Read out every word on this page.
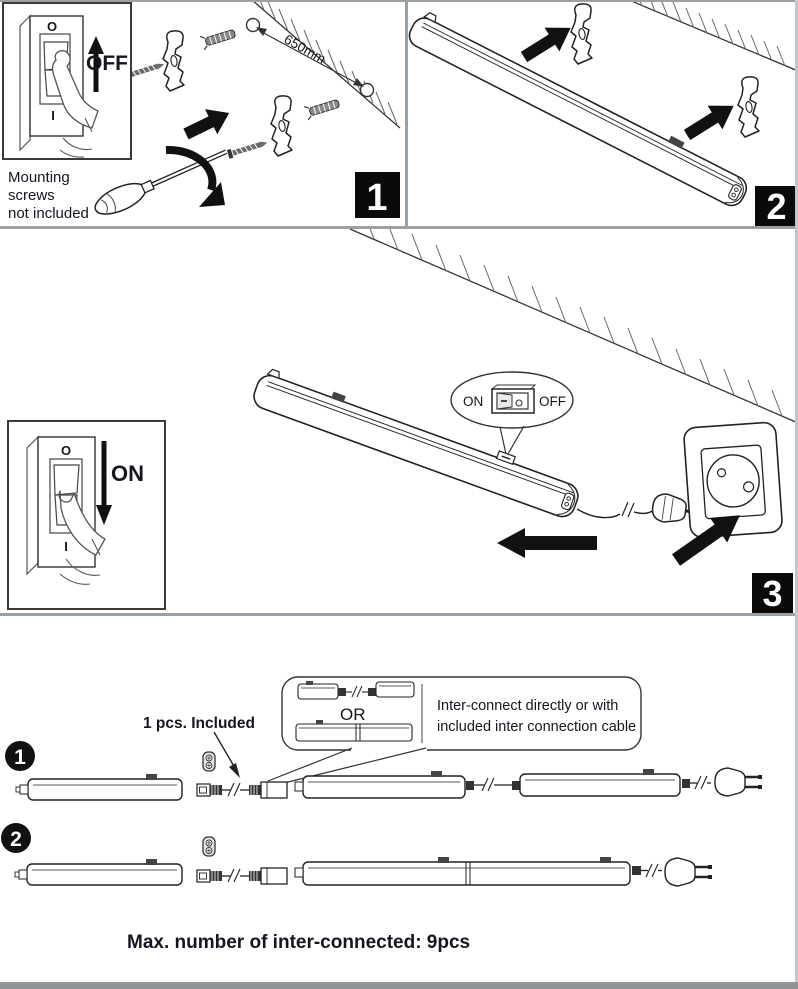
650mm
O
I
OFF
Mounting
screws
not included	1	2
ON	OFF
O
I
ON
3
OR	Inter-connect directly or with
included inter connection cable
1 pcs. Included
1
2
Max. number of inter-connected: 9pcs
